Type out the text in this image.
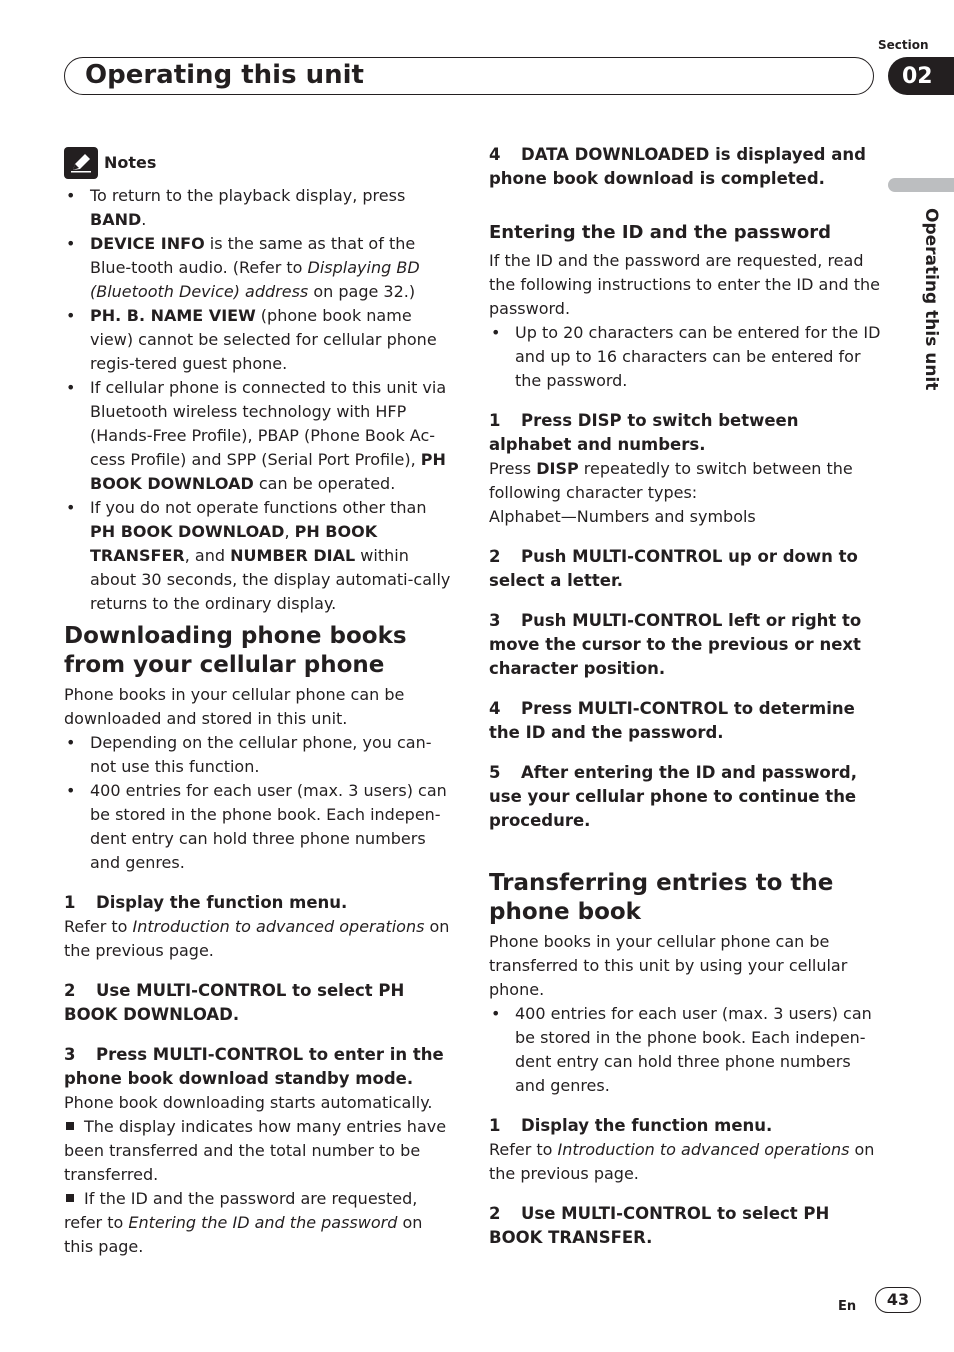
Operating this unit
Section
02
Operating this unit
Notes
• To return to the playback display, press BAND.
• DEVICE INFO is the same as that of the Blue-tooth audio. (Refer to Displaying BD (Bluetooth Device) address on page 32.)
• PH. B. NAME VIEW (phone book name view) cannot be selected for cellular phone regis-tered guest phone.
• If cellular phone is connected to this unit via Bluetooth wireless technology with HFP (Hands-Free Profile), PBAP (Phone Book Ac-cess Profile) and SPP (Serial Port Profile), PH BOOK DOWNLOAD can be operated.
• If you do not operate functions other than PH BOOK DOWNLOAD, PH BOOK TRANSFER, and NUMBER DIAL within about 30 seconds, the display automati-cally returns to the ordinary display.
Downloading phone books from your cellular phone
Phone books in your cellular phone can be downloaded and stored in this unit.
• Depending on the cellular phone, you can-not use this function.
• 400 entries for each user (max. 3 users) can be stored in the phone book. Each indepen-dent entry can hold three phone numbers and genres.
1 Display the function menu.
Refer to Introduction to advanced operations on the previous page.
2 Use MULTI-CONTROL to select PH BOOK DOWNLOAD.
3 Press MULTI-CONTROL to enter in the phone book download standby mode.
Phone book downloading starts automatically.
The display indicates how many entries have been transferred and the total number to be transferred.
If the ID and the password are requested, refer to Entering the ID and the password on this page.
4 DATA DOWNLOADED is displayed and phone book download is completed.
Entering the ID and the password
If the ID and the password are requested, read the following instructions to enter the ID and the password.
• Up to 20 characters can be entered for the ID and up to 16 characters can be entered for the password.
1 Press DISP to switch between alphabet and numbers.
Press DISP repeatedly to switch between the following character types:
Alphabet—Numbers and symbols
2 Push MULTI-CONTROL up or down to select a letter.
3 Push MULTI-CONTROL left or right to move the cursor to the previous or next character position.
4 Press MULTI-CONTROL to determine the ID and the password.
5 After entering the ID and password, use your cellular phone to continue the procedure.
Transferring entries to the phone book
Phone books in your cellular phone can be transferred to this unit by using your cellular phone.
• 400 entries for each user (max. 3 users) can be stored in the phone book. Each indepen-dent entry can hold three phone numbers and genres.
1 Display the function menu.
Refer to Introduction to advanced operations on the previous page.
2 Use MULTI-CONTROL to select PH BOOK TRANSFER.
En	43
